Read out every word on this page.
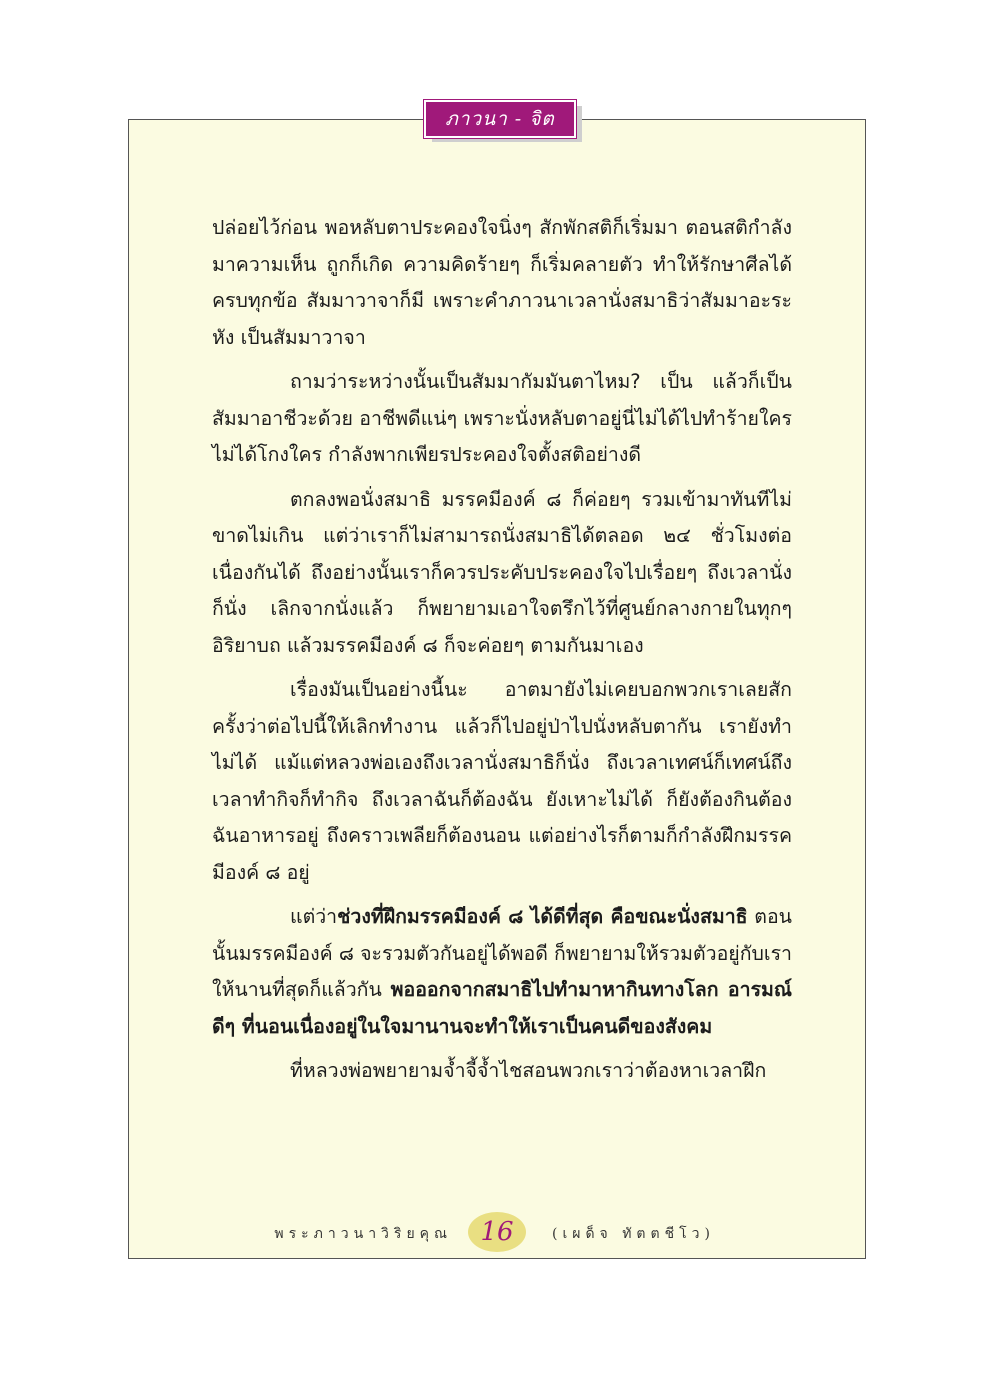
ภาวนา - จิต

ปล่อยไว้ก่อน พอหลับตาประคองใจนิ่งๆ สักพักสติก็เริ่มมา ตอนสติกำลังมาความเห็น ถูกก็เกิด ความคิดร้ายๆ ก็เริ่มคลายตัว ทำให้รักษาศีลได้ครบทุกข้อ สัมมาวาจาก็มี เพราะคำภาวนาเวลานั่งสมาธิว่าสัมมาอะระหัง เป็นสัมมาวาจา

ถามว่าระหว่างนั้นเป็นสัมมากัมมันตาไหม? เป็น แล้วก็เป็นสัมมาอาชีวะด้วย อาชีพดีแน่ๆ เพราะนั่งหลับตาอยู่นี่ไม่ได้ไปทำร้ายใคร ไม่ได้โกงใคร กำลังพากเพียรประคองใจตั้งสติอย่างดี

ตกลงพอนั่งสมาธิ มรรคมีองค์ ๘ ก็ค่อยๆ รวมเข้ามาทันทีไม่ขาดไม่เกิน แต่ว่าเราก็ไม่สามารถนั่งสมาธิได้ตลอด ๒๔ ชั่วโมงต่อเนื่องกันได้ ถึงอย่างนั้นเราก็ควรประคับประคองใจไปเรื่อยๆ ถึงเวลานั่งก็นั่ง เลิกจากนั่งแล้ว ก็พยายามเอาใจตรึกไว้ที่ศูนย์กลางกายในทุกๆอิริยาบถ แล้วมรรคมีองค์ ๘ ก็จะค่อยๆ ตามกันมาเอง

เรื่องมันเป็นอย่างนี้นะ อาตมายังไม่เคยบอกพวกเราเลยสักครั้งว่าต่อไปนี้ให้เลิกทำงาน แล้วก็ไปอยู่ป่าไปนั่งหลับตากัน เรายังทำไม่ได้ แม้แต่หลวงพ่อเองถึงเวลานั่งสมาธิก็นั่ง ถึงเวลาเทศน์ก็เทศน์ถึงเวลาทำกิจก็ทำกิจ ถึงเวลาฉันก็ต้องฉัน ยังเหาะไม่ได้ ก็ยังต้องกินต้องฉันอาหารอยู่ ถึงคราวเพลียก็ต้องนอน แต่อย่างไรก็ตามก็กำลังฝึกมรรคมีองค์ ๘ อยู่

แต่ว่าช่วงที่ฝึกมรรคมีองค์ ๘ ได้ดีที่สุด คือขณะนั่งสมาธิ ตอนนั้นมรรคมีองค์ ๘ จะรวมตัวกันอยู่ได้พอดี ก็พยายามให้รวมตัวอยู่กับเราให้นานที่สุดก็แล้วกัน พอออกจากสมาธิไปทำมาหากินทางโลก อารมณ์ดีๆ ที่นอนเนื่องอยู่ในใจมานานจะทำให้เราเป็นคนดีของสังคม

ที่หลวงพ่อพยายามจ้ำจี้จ้ำไชสอนพวกเราว่าต้องหาเวลาฝึก

พระภาวนาวิริยคุณ	16	(เผด็จ ทัตตชีโว)
